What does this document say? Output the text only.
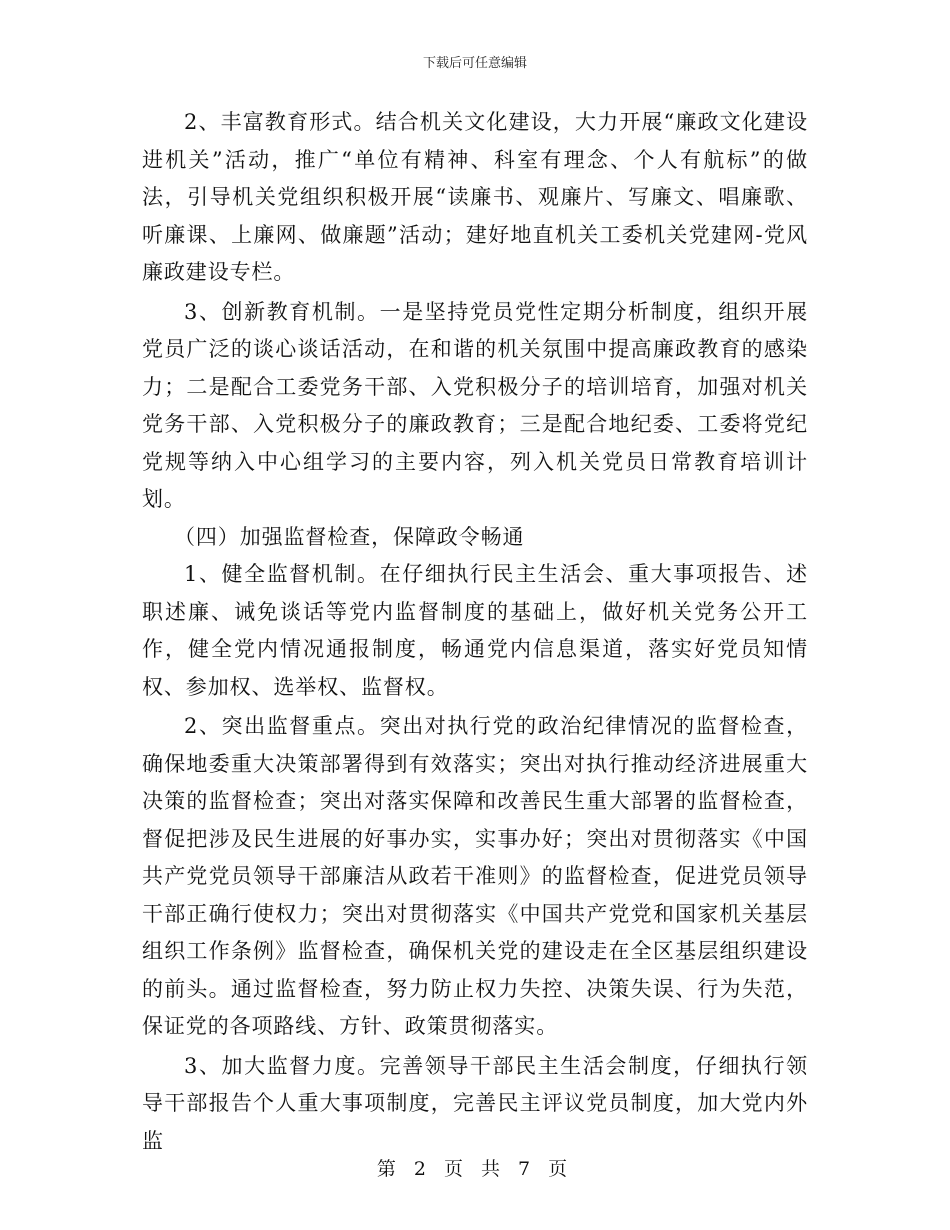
下载后可任意编辑

2、丰富教育形式。结合机关文化建设，大力开展“廉政文化建设进机关”活动，推广“单位有精神、科室有理念、个人有航标”的做法，引导机关党组织积极开展“读廉书、观廉片、写廉文、唱廉歌、听廉课、上廉网、做廉题”活动；建好地直机关工委机关党建网-党风廉政建设专栏。

3、创新教育机制。一是坚持党员党性定期分析制度，组织开展党员广泛的谈心谈话活动，在和谐的机关氛围中提高廉政教育的感染力；二是配合工委党务干部、入党积极分子的培训培育，加强对机关党务干部、入党积极分子的廉政教育；三是配合地纪委、工委将党纪党规等纳入中心组学习的主要内容，列入机关党员日常教育培训计划。

（四）加强监督检查，保障政令畅通

1、健全监督机制。在仔细执行民主生活会、重大事项报告、述职述廉、诫免谈话等党内监督制度的基础上，做好机关党务公开工作，健全党内情况通报制度，畅通党内信息渠道，落实好党员知情权、参加权、选举权、监督权。

2、突出监督重点。突出对执行党的政治纪律情况的监督检查，确保地委重大决策部署得到有效落实；突出对执行推动经济进展重大决策的监督检查；突出对落实保障和改善民生重大部署的监督检查，督促把涉及民生进展的好事办实，实事办好；突出对贯彻落实《中国共产党党员领导干部廉洁从政若干准则》的监督检查，促进党员领导干部正确行使权力；突出对贯彻落实《中国共产党党和国家机关基层组织工作条例》监督检查，确保机关党的建设走在全区基层组织建设的前头。通过监督检查，努力防止权力失控、决策失误、行为失范，保证党的各项路线、方针、政策贯彻落实。

3、加大监督力度。完善领导干部民主生活会制度，仔细执行领导干部报告个人重大事项制度，完善民主评议党员制度，加大党内外监

第 2 页 共 7 页
